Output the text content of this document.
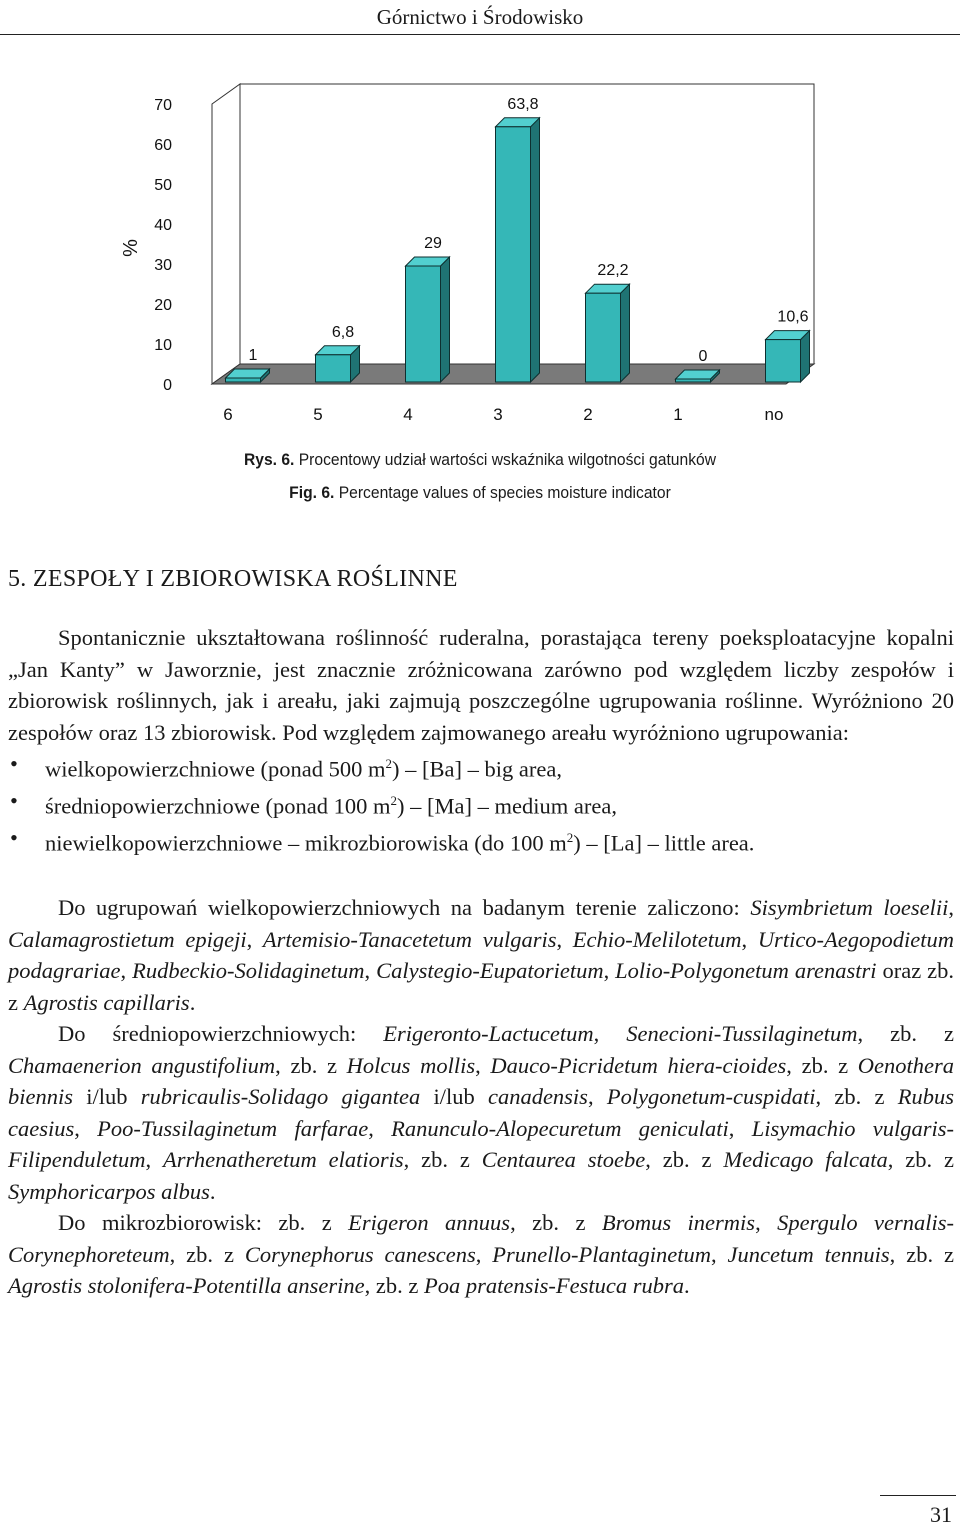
Górnictwo i Środowisko
0
10
20
30
40
50
60
70
%
1
6
6,8
5
29
4
63,8
3
22,2
2
0
1
10,6
no
Rys. 6. Procentowy udział wartości wskaźnika wilgotności gatunków
Fig. 6. Percentage values of species moisture indicator
5. ZESPOŁY I ZBIOROWISKA ROŚLINNE

Spontanicznie ukształtowana roślinność ruderalna, porastająca tereny poeksploatacyjne kopalni „Jan Kanty” w Jaworznie, jest znacznie zróżnicowana zarówno pod względem liczby zespołów i zbiorowisk roślinnych, jak i areału, jaki zajmują poszczególne ugrupowania roślinne. Wyróżniono 20 zespołów oraz 13 zbiorowisk. Pod względem zajmowanego areału wyróżniono ugrupowania:

• wielkopowierzchniowe (ponad 500 $m^2) - [Ba]$ – big area,
• średniopowierzchniowe (ponad 100 $m^2) - [Ma]$ – medium area,
• niewielkopowierzchniowe – mikrozbiorowiska (do 100 $m^2) - [La]$ – little area.

Do ugrupowań wielkopowierzchniowych na badanym terenie zaliczono: Sisymbrietum loeselii, Calamagrostietum epigeji, Artemisio-Tanacetetum vulgaris, Echio-Melilotetum, Urtico-Aegopodietum podagrariae, Rudbeckio-Solidaginetum, Calystegio-Eupatorietum, Lolio-Polygonetum arenastri oraz zb. z Agrostis capillaris.

Do średniopowierzchniowych: Erigeronto-Lactucetum, Senecioni-Tussilaginetum, zb. z Chamaenerion angustifolium, zb. z Holcus mollis, Dauco-Picridetum hiera-cioides, zb. z Oenothera biennis i/lub rubricaulis-Solidago gigantea i/lub canadensis, Polygonetum-cuspidati, zb. z Rubus caesius, Poo-Tussilaginetum farfarae, Ranunculo-Alopecuretum geniculati, Lisymachio vulgaris-Filipenduletum, Arrhenatheretum elatioris, zb. z Centaurea stoebe, zb. z Medicago falcata, zb. z Symphoricarpos albus.

Do mikrozbiorowisk: zb. z Erigeron annuus, zb. z Bromus inermis, Spergulo vernalis-Corynephoreteum, zb. z Corynephorus canescens, Prunello-Plantaginetum, Juncetum tennuis, zb. z Agrostis stolonifera-Potentilla anserine, zb. z Poa pratensis-Festuca rubra.

31
